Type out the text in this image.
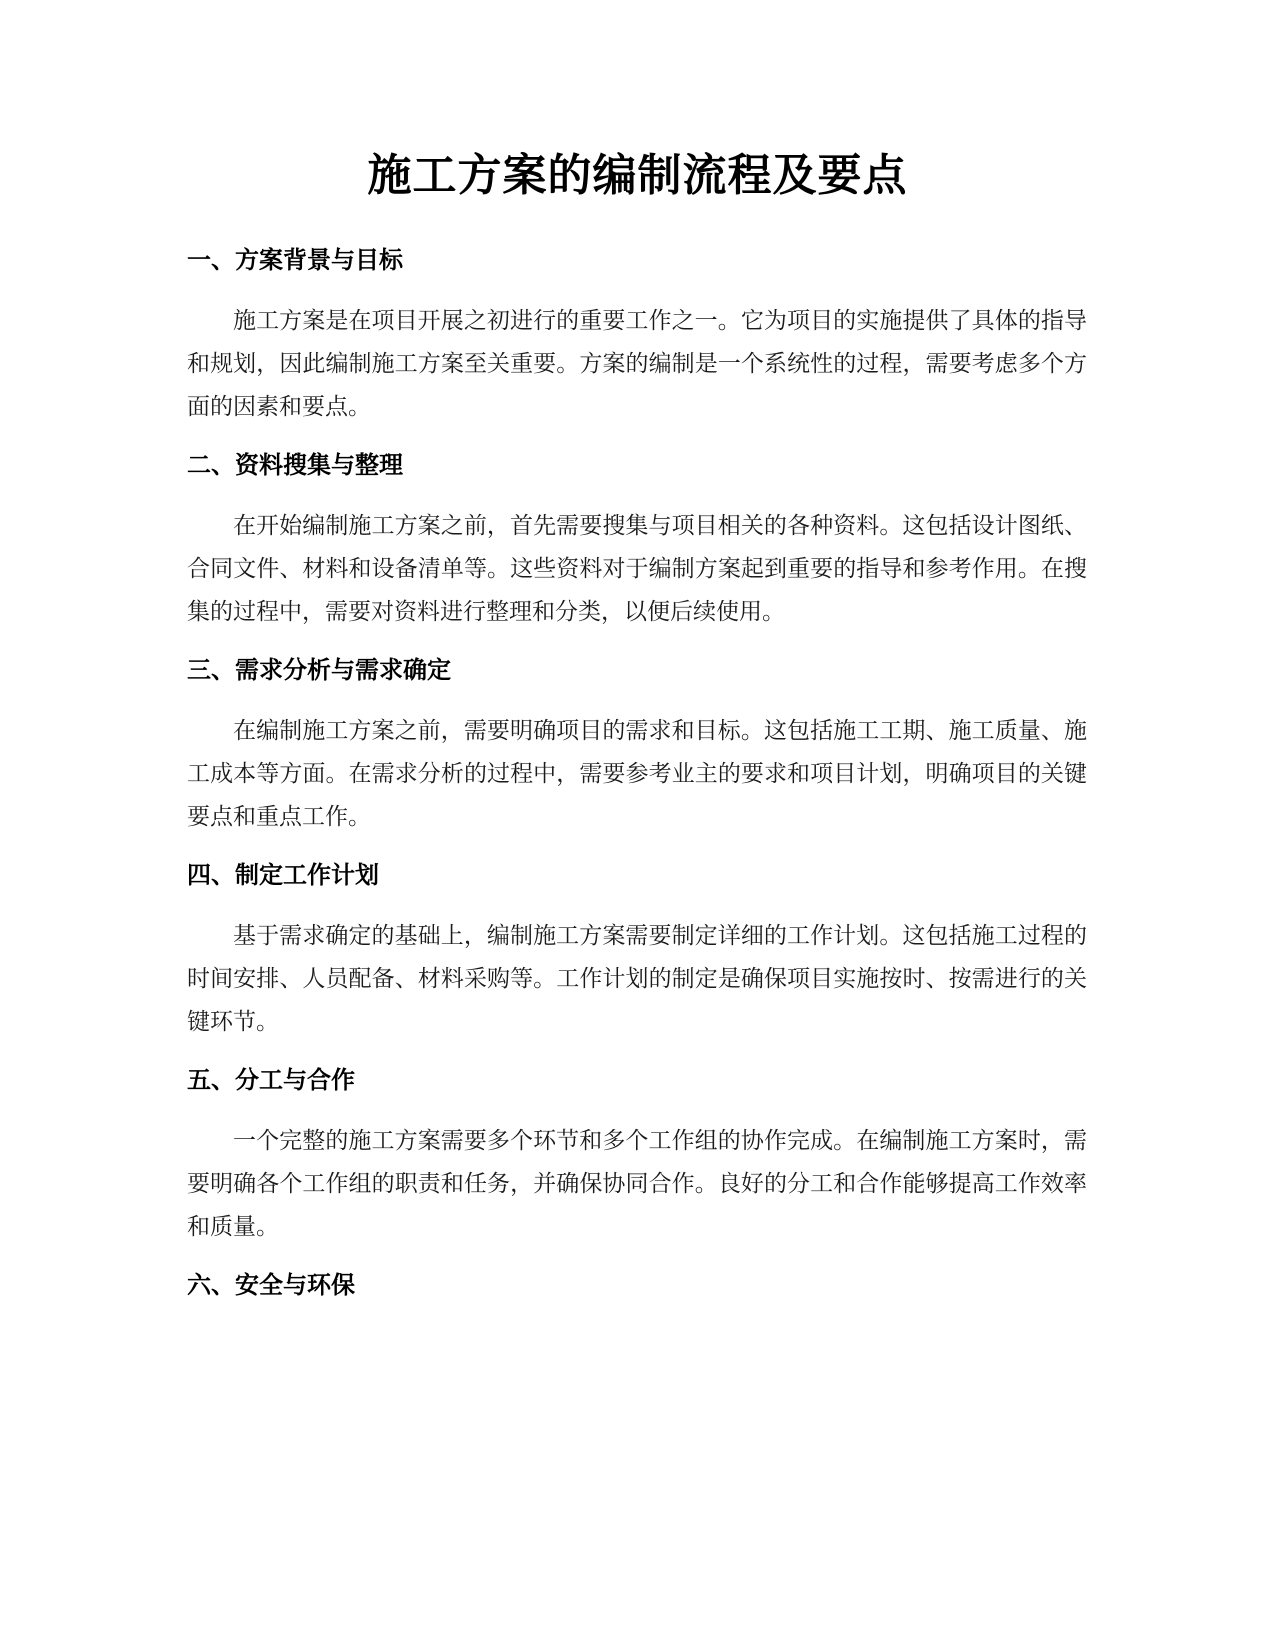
施工方案的编制流程及要点
一、方案背景与目标

施工方案是在项目开展之初进行的重要工作之一。它为项目的实施提供了具体的指导和规划，因此编制施工方案至关重要。方案的编制是一个系统性的过程，需要考虑多个方面的因素和要点。

二、资料搜集与整理

在开始编制施工方案之前，首先需要搜集与项目相关的各种资料。这包括设计图纸、合同文件、材料和设备清单等。这些资料对于编制方案起到重要的指导和参考作用。在搜集的过程中，需要对资料进行整理和分类，以便后续使用。

三、需求分析与需求确定

在编制施工方案之前，需要明确项目的需求和目标。这包括施工工期、施工质量、施工成本等方面。在需求分析的过程中，需要参考业主的要求和项目计划，明确项目的关键要点和重点工作。

四、制定工作计划

基于需求确定的基础上，编制施工方案需要制定详细的工作计划。这包括施工过程的时间安排、人员配备、材料采购等。工作计划的制定是确保项目实施按时、按需进行的关键环节。

五、分工与合作

一个完整的施工方案需要多个环节和多个工作组的协作完成。在编制施工方案时，需要明确各个工作组的职责和任务，并确保协同合作。良好的分工和合作能够提高工作效率和质量。

六、安全与环保
